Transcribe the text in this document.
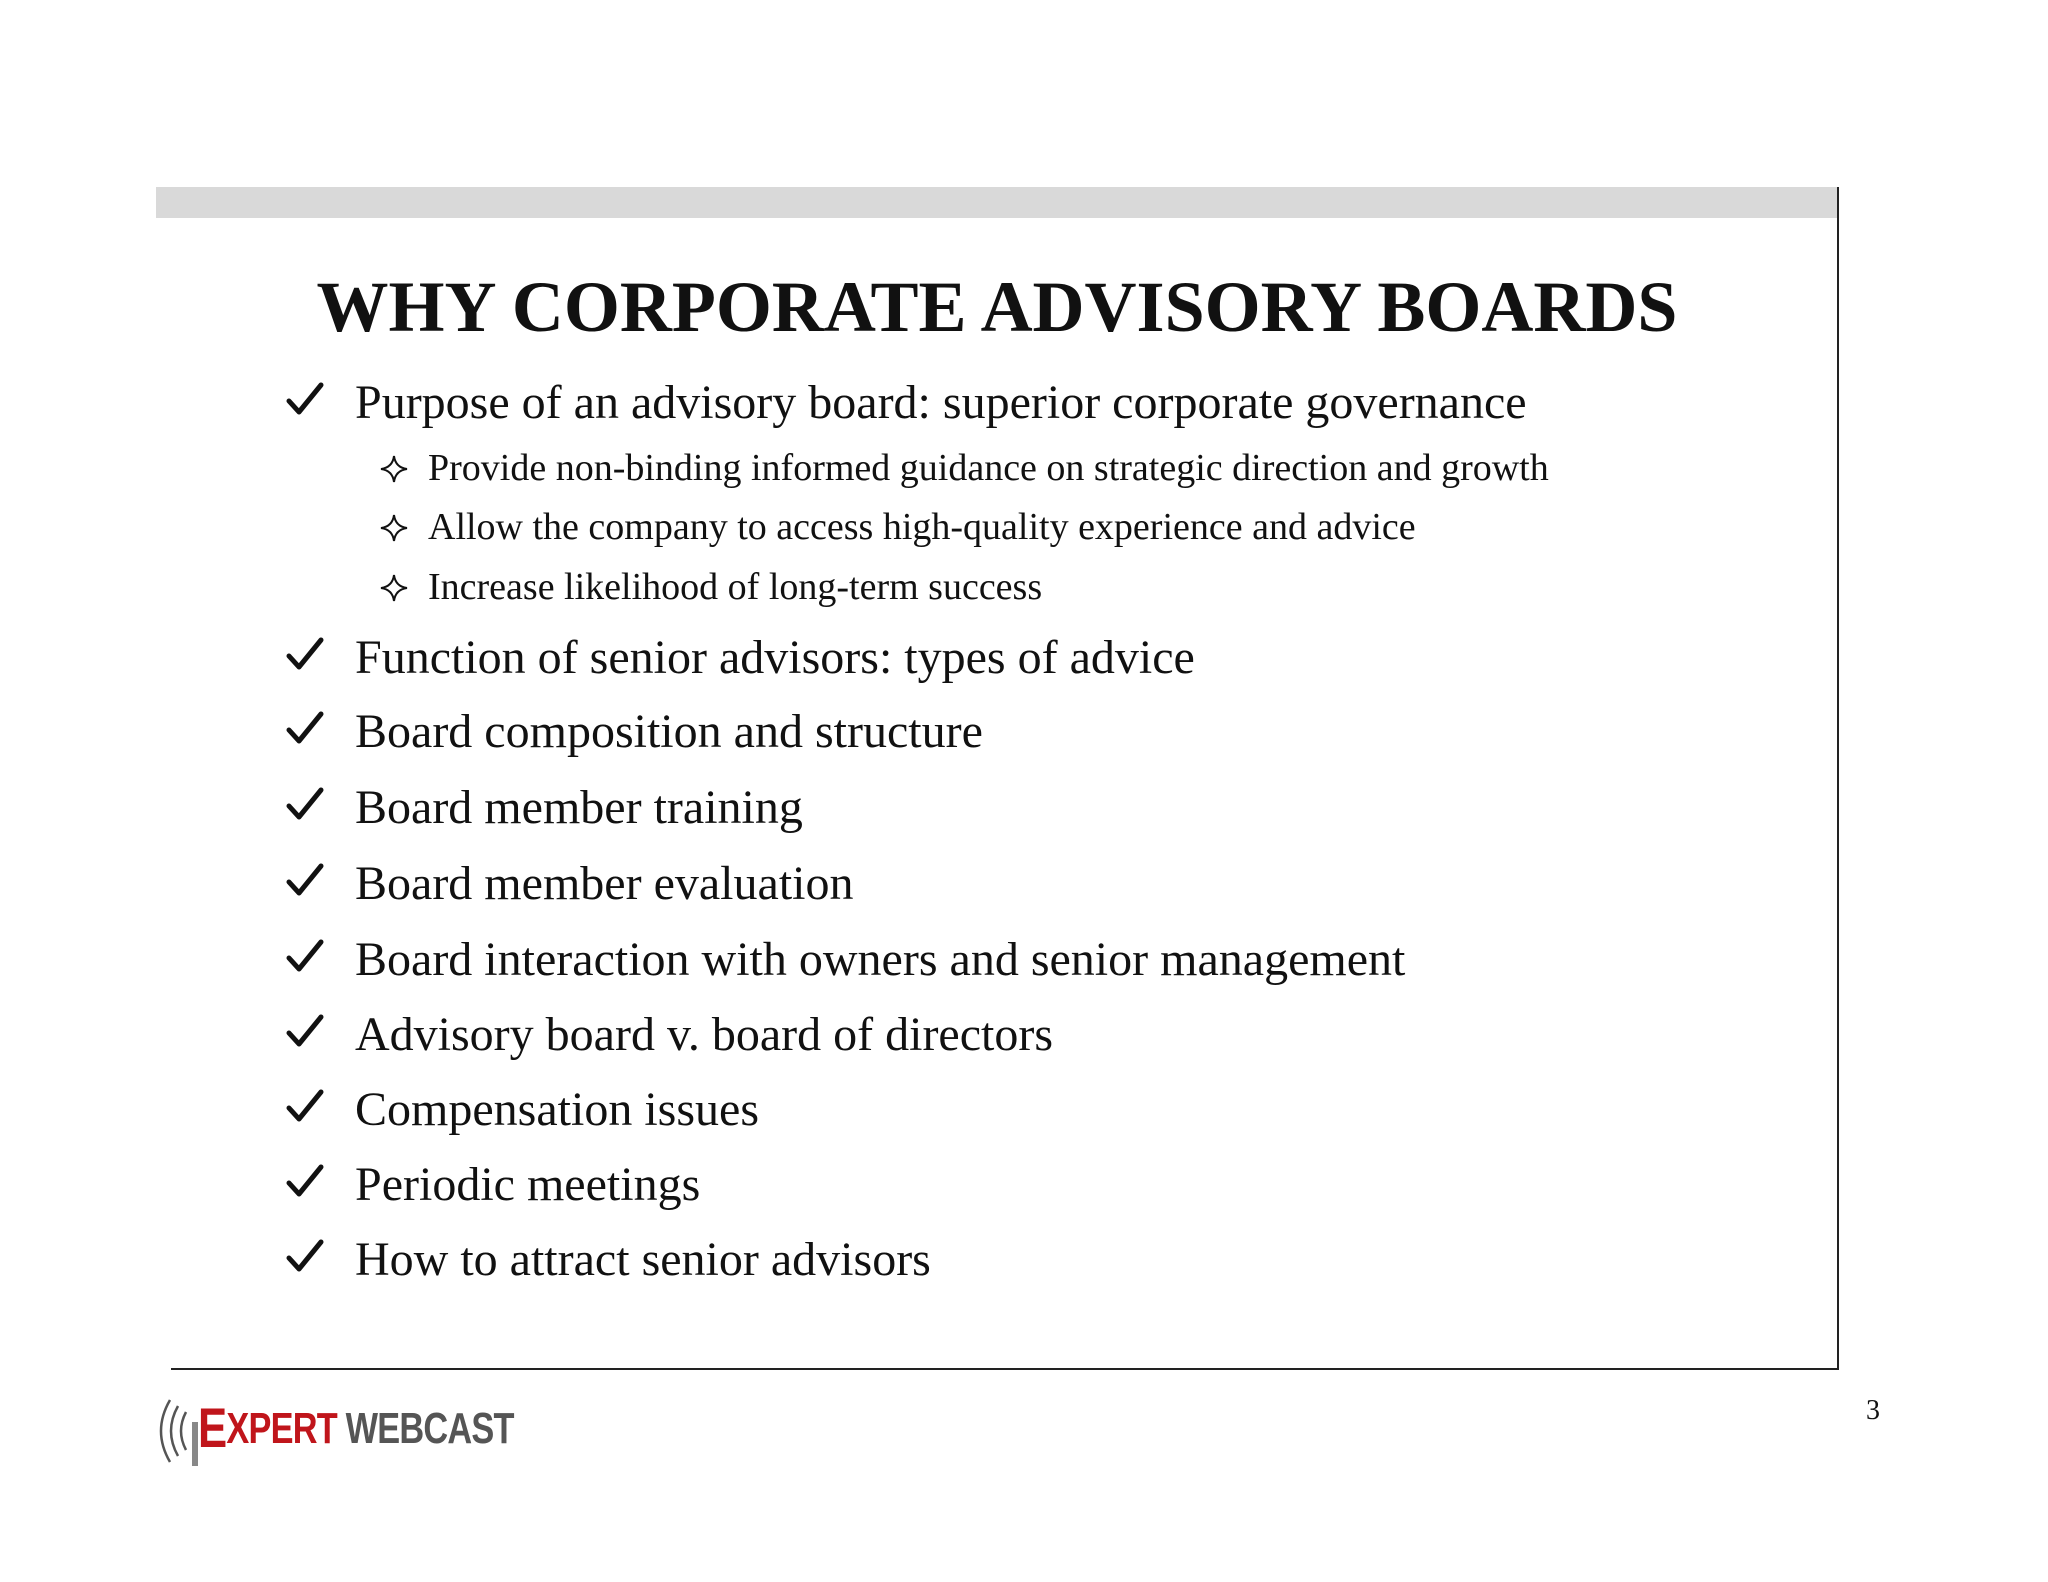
WHY CORPORATE ADVISORY BOARDS
Purpose of an advisory board: superior corporate governance
Provide non-binding informed guidance on strategic direction and growth
Allow the company to access high-quality experience and advice
Increase likelihood of long-term success
Function of senior advisors: types of advice
Board composition and structure
Board member training
Board member evaluation
Board interaction with owners and senior management
Advisory board v. board of directors
Compensation issues
Periodic meetings
How to attract senior advisors
EXPERT WEBCAST	3
